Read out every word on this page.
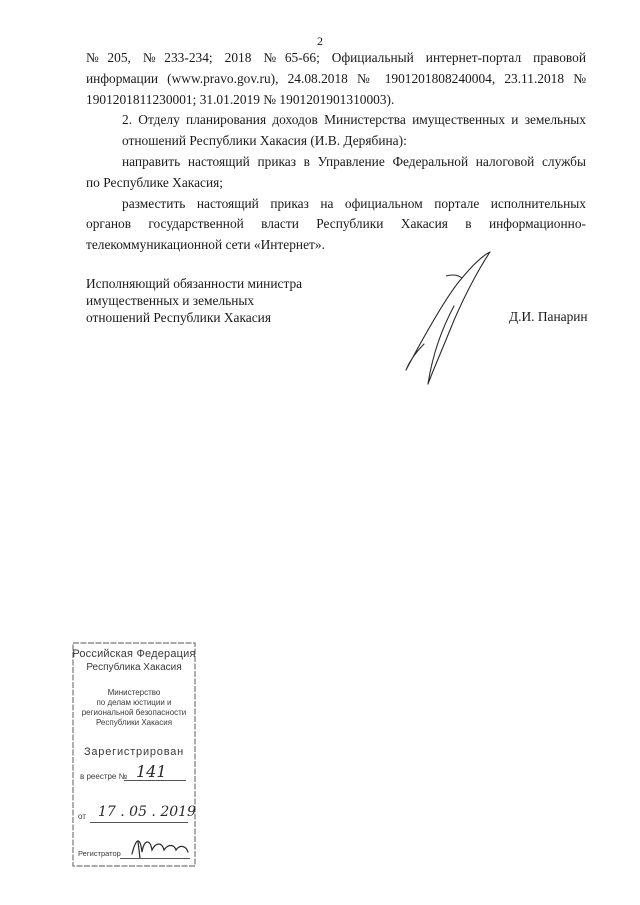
2

№205, №233-234; 2018 №65-66; Официальный интернет-портал правовой
информации (www.pravo.gov.ru), 24.08.2018 № 1901201808240004, 23.11.2018 №
1901201811230001; 31.01.2019 № 1901201901310003).

2. Отделу планирования доходов Министерства имущественных и земельных
отношений Республики Хакасия (И.В. Дерябина):

направить настоящий приказ в Управление Федеральной налоговой службы
по Республике Хакасия;

разместить настоящий приказ на официальном портале исполнительных
органов государственной власти Республики Хакасия в информационно-
телекоммуникационной сети «Интернет».

Исполняющий обязанности министра
имущественных и земельных
отношений Республики Хакасия	Д.И. Панарин
Российская Федерация
Республика Хакасия
Министерство
по делам юстиции и
региональной безопасности
Республики Хакасия
Зарегистрирован
в реестре № 141
от 17 . 05 . 2019
Регистратор
